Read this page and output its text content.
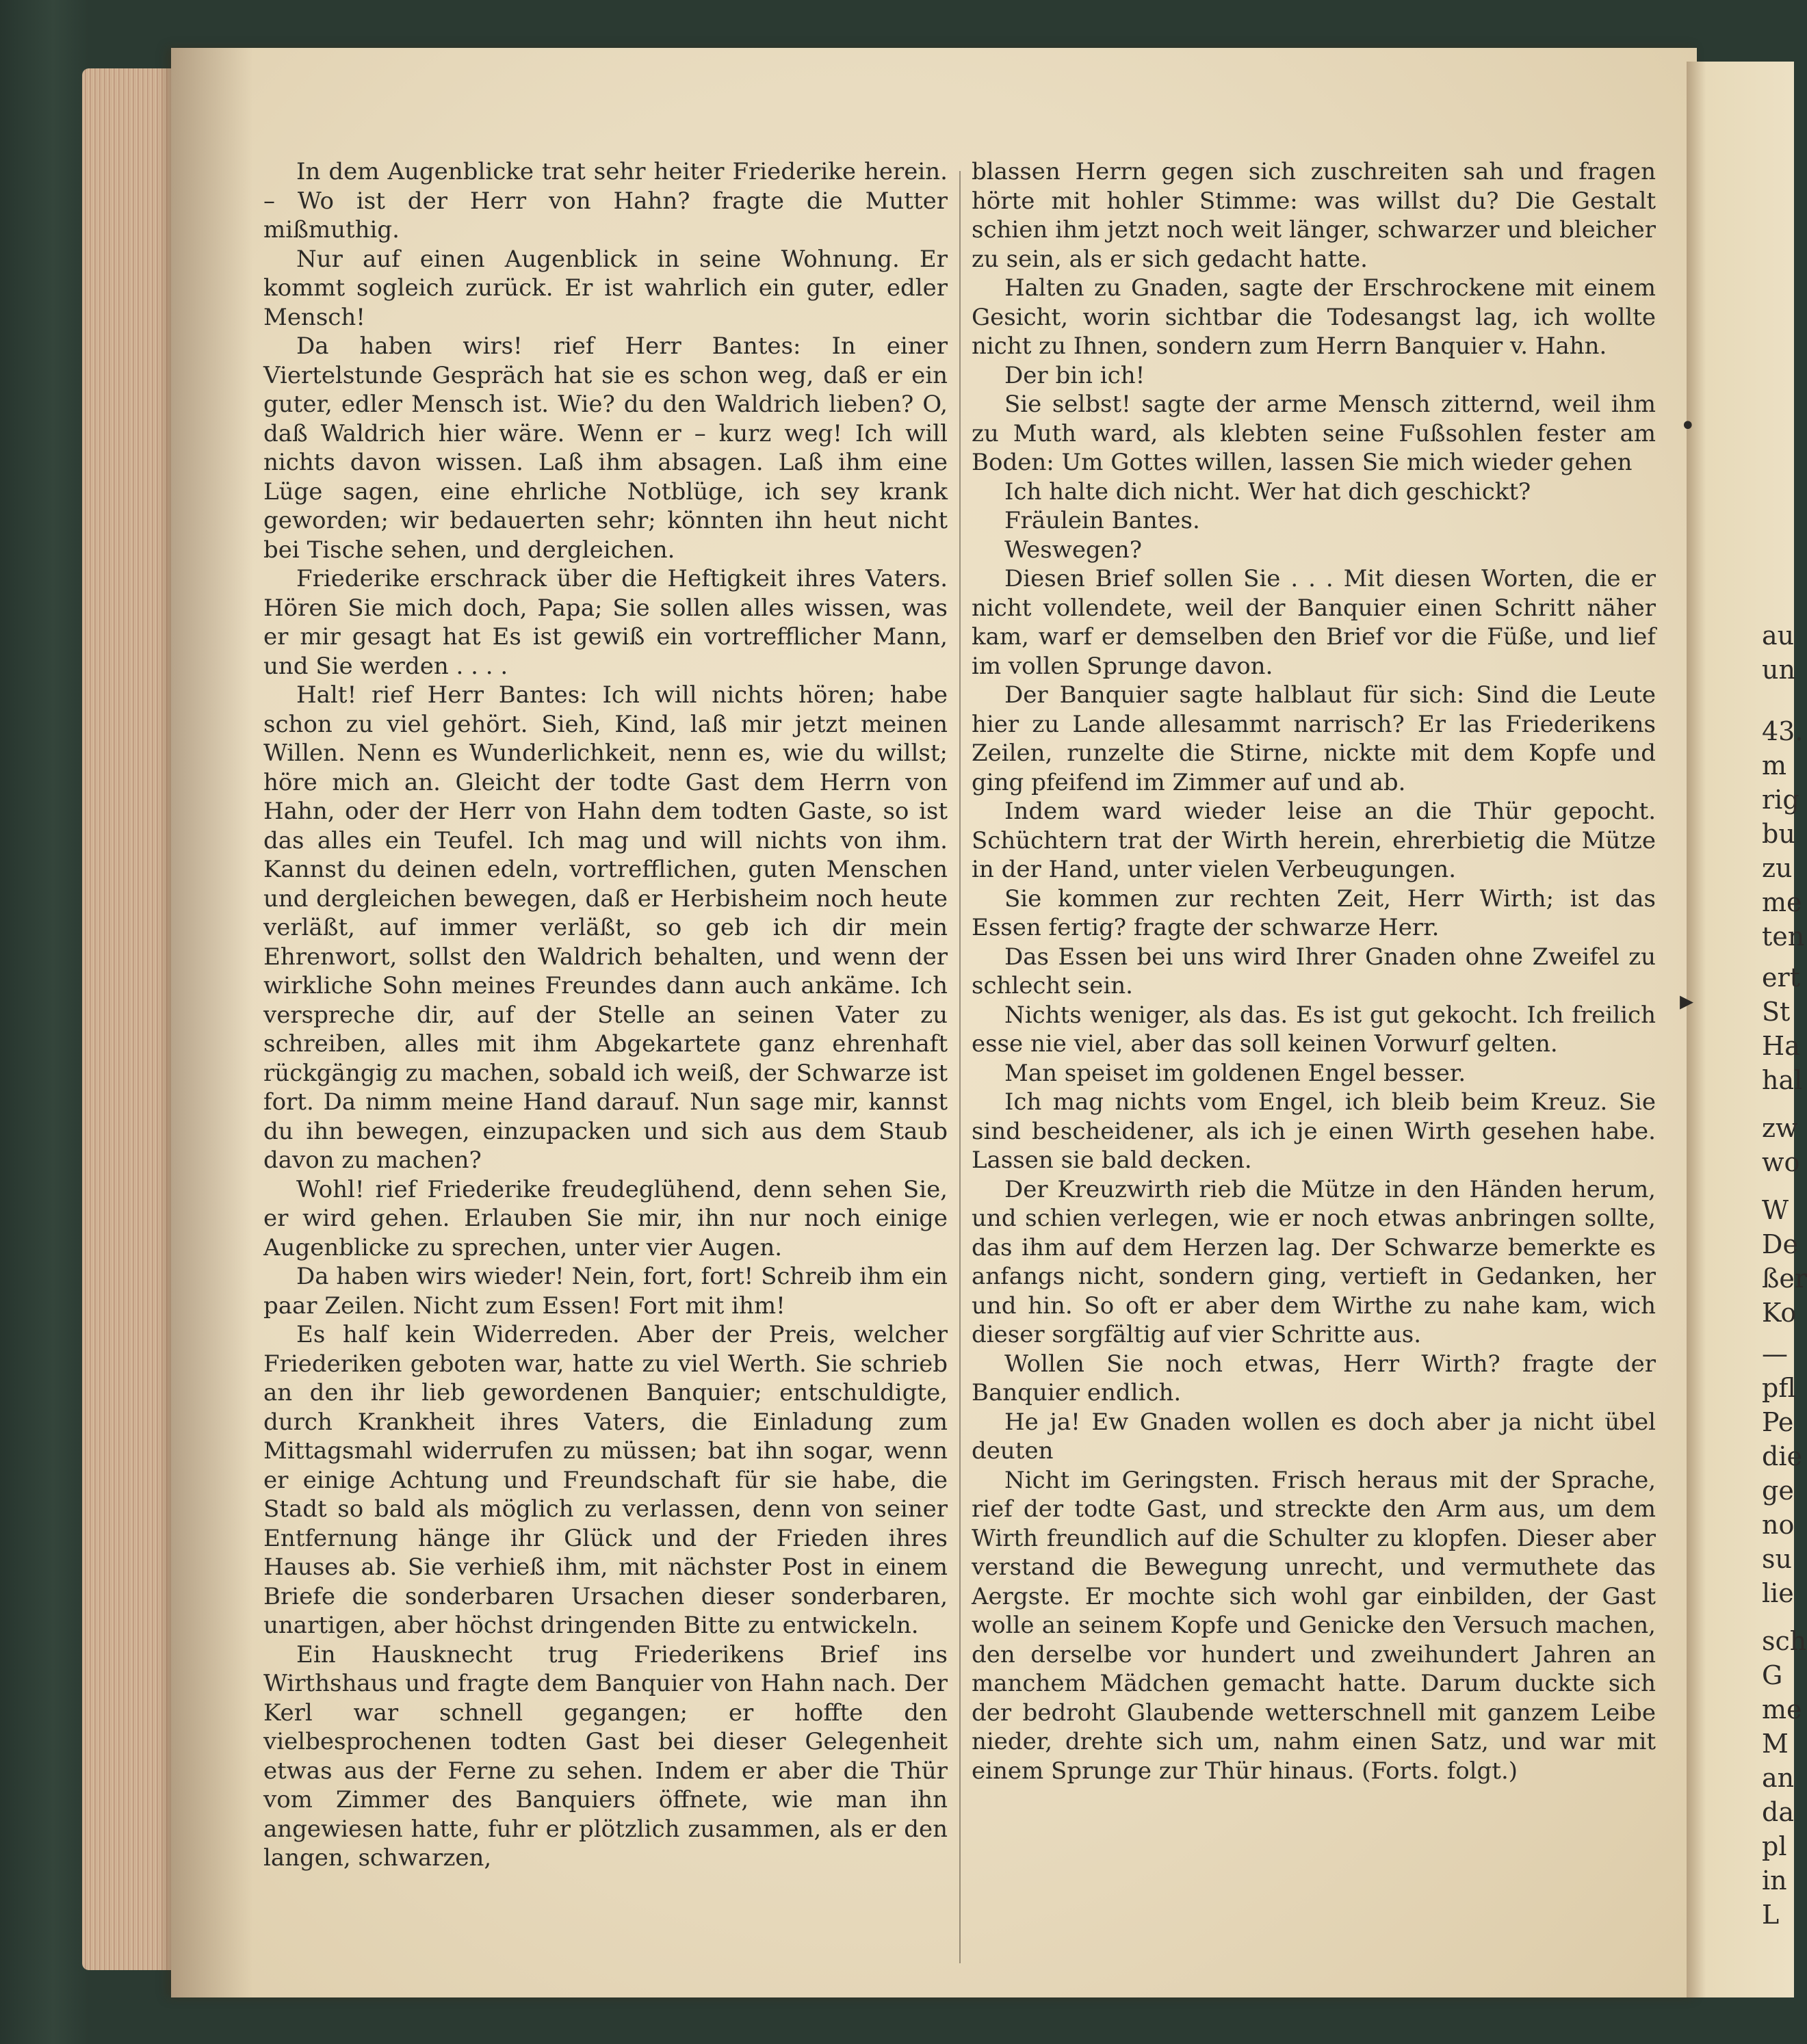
au
un
43.
m
rig
bu
zu
me
ten
ert
St
Ha
hal
zw
wo
W
De
ßer
Ko
—
pfl
Pe
die
ge
no
su
lie
sch
G
me
M
an
da
pl
in
L

In dem Augenblicke trat sehr heiter Friederike herein. – Wo ist der Herr von Hahn? fragte die Mutter mißmuthig.

Nur auf einen Augenblick in seine Wohnung. Er kommt sogleich zurück. Er ist wahrlich ein guter, edler Mensch!

Da haben wirs! rief Herr Bantes: In einer Viertelstunde Gespräch hat sie es schon weg, daß er ein guter, edler Mensch ist. Wie? du den Waldrich lieben? O, daß Waldrich hier wäre. Wenn er – kurz weg! Ich will nichts davon wissen. Laß ihm absagen. Laß ihm eine Lüge sagen, eine ehrliche Notblüge, ich sey krank geworden; wir bedauerten sehr; könnten ihn heut nicht bei Tische sehen, und dergleichen.

Friederike erschrack über die Heftigkeit ihres Vaters. Hören Sie mich doch, Papa; Sie sollen alles wissen, was er mir gesagt hat Es ist gewiß ein vortrefflicher Mann, und Sie werden . . . .

Halt! rief Herr Bantes: Ich will nichts hören; habe schon zu viel gehört. Sieh, Kind, laß mir jetzt meinen Willen. Nenn es Wunderlichkeit, nenn es, wie du willst; höre mich an. Gleicht der todte Gast dem Herrn von Hahn, oder der Herr von Hahn dem todten Gaste, so ist das alles ein Teufel. Ich mag und will nichts von ihm. Kannst du deinen edeln, vortrefflichen, guten Menschen und dergleichen bewegen, daß er Herbisheim noch heute verläßt, auf immer verläßt, so geb ich dir mein Ehrenwort, sollst den Waldrich behalten, und wenn der wirkliche Sohn meines Freundes dann auch ankäme. Ich verspreche dir, auf der Stelle an seinen Vater zu schreiben, alles mit ihm Abgekartete ganz ehrenhaft rückgängig zu machen, sobald ich weiß, der Schwarze ist fort. Da nimm meine Hand darauf. Nun sage mir, kannst du ihn bewegen, einzupacken und sich aus dem Staub davon zu machen?

Wohl! rief Friederike freudeglühend, denn sehen Sie, er wird gehen. Erlauben Sie mir, ihn nur noch einige Augenblicke zu sprechen, unter vier Augen.

Da haben wirs wieder! Nein, fort, fort! Schreib ihm ein paar Zeilen. Nicht zum Essen! Fort mit ihm!

Es half kein Widerreden. Aber der Preis, welcher Friederiken geboten war, hatte zu viel Werth. Sie schrieb an den ihr lieb gewordenen Banquier; entschuldigte, durch Krankheit ihres Vaters, die Einladung zum Mittagsmahl widerrufen zu müssen; bat ihn sogar, wenn er einige Achtung und Freundschaft für sie habe, die Stadt so bald als möglich zu verlassen, denn von seiner Entfernung hänge ihr Glück und der Frieden ihres Hauses ab. Sie verhieß ihm, mit nächster Post in einem Briefe die sonderbaren Ursachen dieser sonderbaren, unartigen, aber höchst dringenden Bitte zu entwickeln.

Ein Hausknecht trug Friederikens Brief ins Wirthshaus und fragte dem Banquier von Hahn nach. Der Kerl war schnell gegangen; er hoffte den vielbesprochenen todten Gast bei dieser Gelegenheit etwas aus der Ferne zu sehen. Indem er aber die Thür vom Zimmer des Banquiers öffnete, wie man ihn angewiesen hatte, fuhr er plötzlich zusammen, als er den langen, schwarzen,

blassen Herrn gegen sich zuschreiten sah und fragen hörte mit hohler Stimme: was willst du? Die Gestalt schien ihm jetzt noch weit länger, schwarzer und bleicher zu sein, als er sich gedacht hatte.

Halten zu Gnaden, sagte der Erschrockene mit einem Gesicht, worin sichtbar die Todesangst lag, ich wollte nicht zu Ihnen, sondern zum Herrn Banquier v. Hahn.

Der bin ich!

Sie selbst! sagte der arme Mensch zitternd, weil ihm zu Muth ward, als klebten seine Fußsohlen fester am Boden: Um Gottes willen, lassen Sie mich wieder gehen

Ich halte dich nicht. Wer hat dich geschickt?

Fräulein Bantes.

Weswegen?

Diesen Brief sollen Sie . . . Mit diesen Worten, die er nicht vollendete, weil der Banquier einen Schritt näher kam, warf er demselben den Brief vor die Füße, und lief im vollen Sprunge davon.

Der Banquier sagte halblaut für sich: Sind die Leute hier zu Lande allesammt narrisch? Er las Friederikens Zeilen, runzelte die Stirne, nickte mit dem Kopfe und ging pfeifend im Zimmer auf und ab.

Indem ward wieder leise an die Thür gepocht. Schüchtern trat der Wirth herein, ehrerbietig die Mütze in der Hand, unter vielen Verbeugungen.

Sie kommen zur rechten Zeit, Herr Wirth; ist das Essen fertig? fragte der schwarze Herr.

Das Essen bei uns wird Ihrer Gnaden ohne Zweifel zu schlecht sein.

Nichts weniger, als das. Es ist gut gekocht. Ich freilich esse nie viel, aber das soll keinen Vorwurf gelten.

Man speiset im goldenen Engel besser.

Ich mag nichts vom Engel, ich bleib beim Kreuz. Sie sind bescheidener, als ich je einen Wirth gesehen habe. Lassen sie bald decken.

Der Kreuzwirth rieb die Mütze in den Händen herum, und schien verlegen, wie er noch etwas anbringen sollte, das ihm auf dem Herzen lag. Der Schwarze bemerkte es anfangs nicht, sondern ging, vertieft in Gedanken, her und hin. So oft er aber dem Wirthe zu nahe kam, wich dieser sorgfältig auf vier Schritte aus.

Wollen Sie noch etwas, Herr Wirth? fragte der Banquier endlich.

He ja! Ew Gnaden wollen es doch aber ja nicht übel deuten

Nicht im Geringsten. Frisch heraus mit der Sprache, rief der todte Gast, und streckte den Arm aus, um dem Wirth freundlich auf die Schulter zu klopfen. Dieser aber verstand die Bewegung unrecht, und vermuthete das Aergste. Er mochte sich wohl gar einbilden, der Gast wolle an seinem Kopfe und Genicke den Versuch machen, den derselbe vor hundert und zweihundert Jahren an manchem Mädchen gemacht hatte. Darum duckte sich der bedroht Glaubende wetterschnell mit ganzem Leibe nieder, drehte sich um, nahm einen Satz, und war mit einem Sprunge zur Thür hinaus. (Forts. folgt.)

•
▸
